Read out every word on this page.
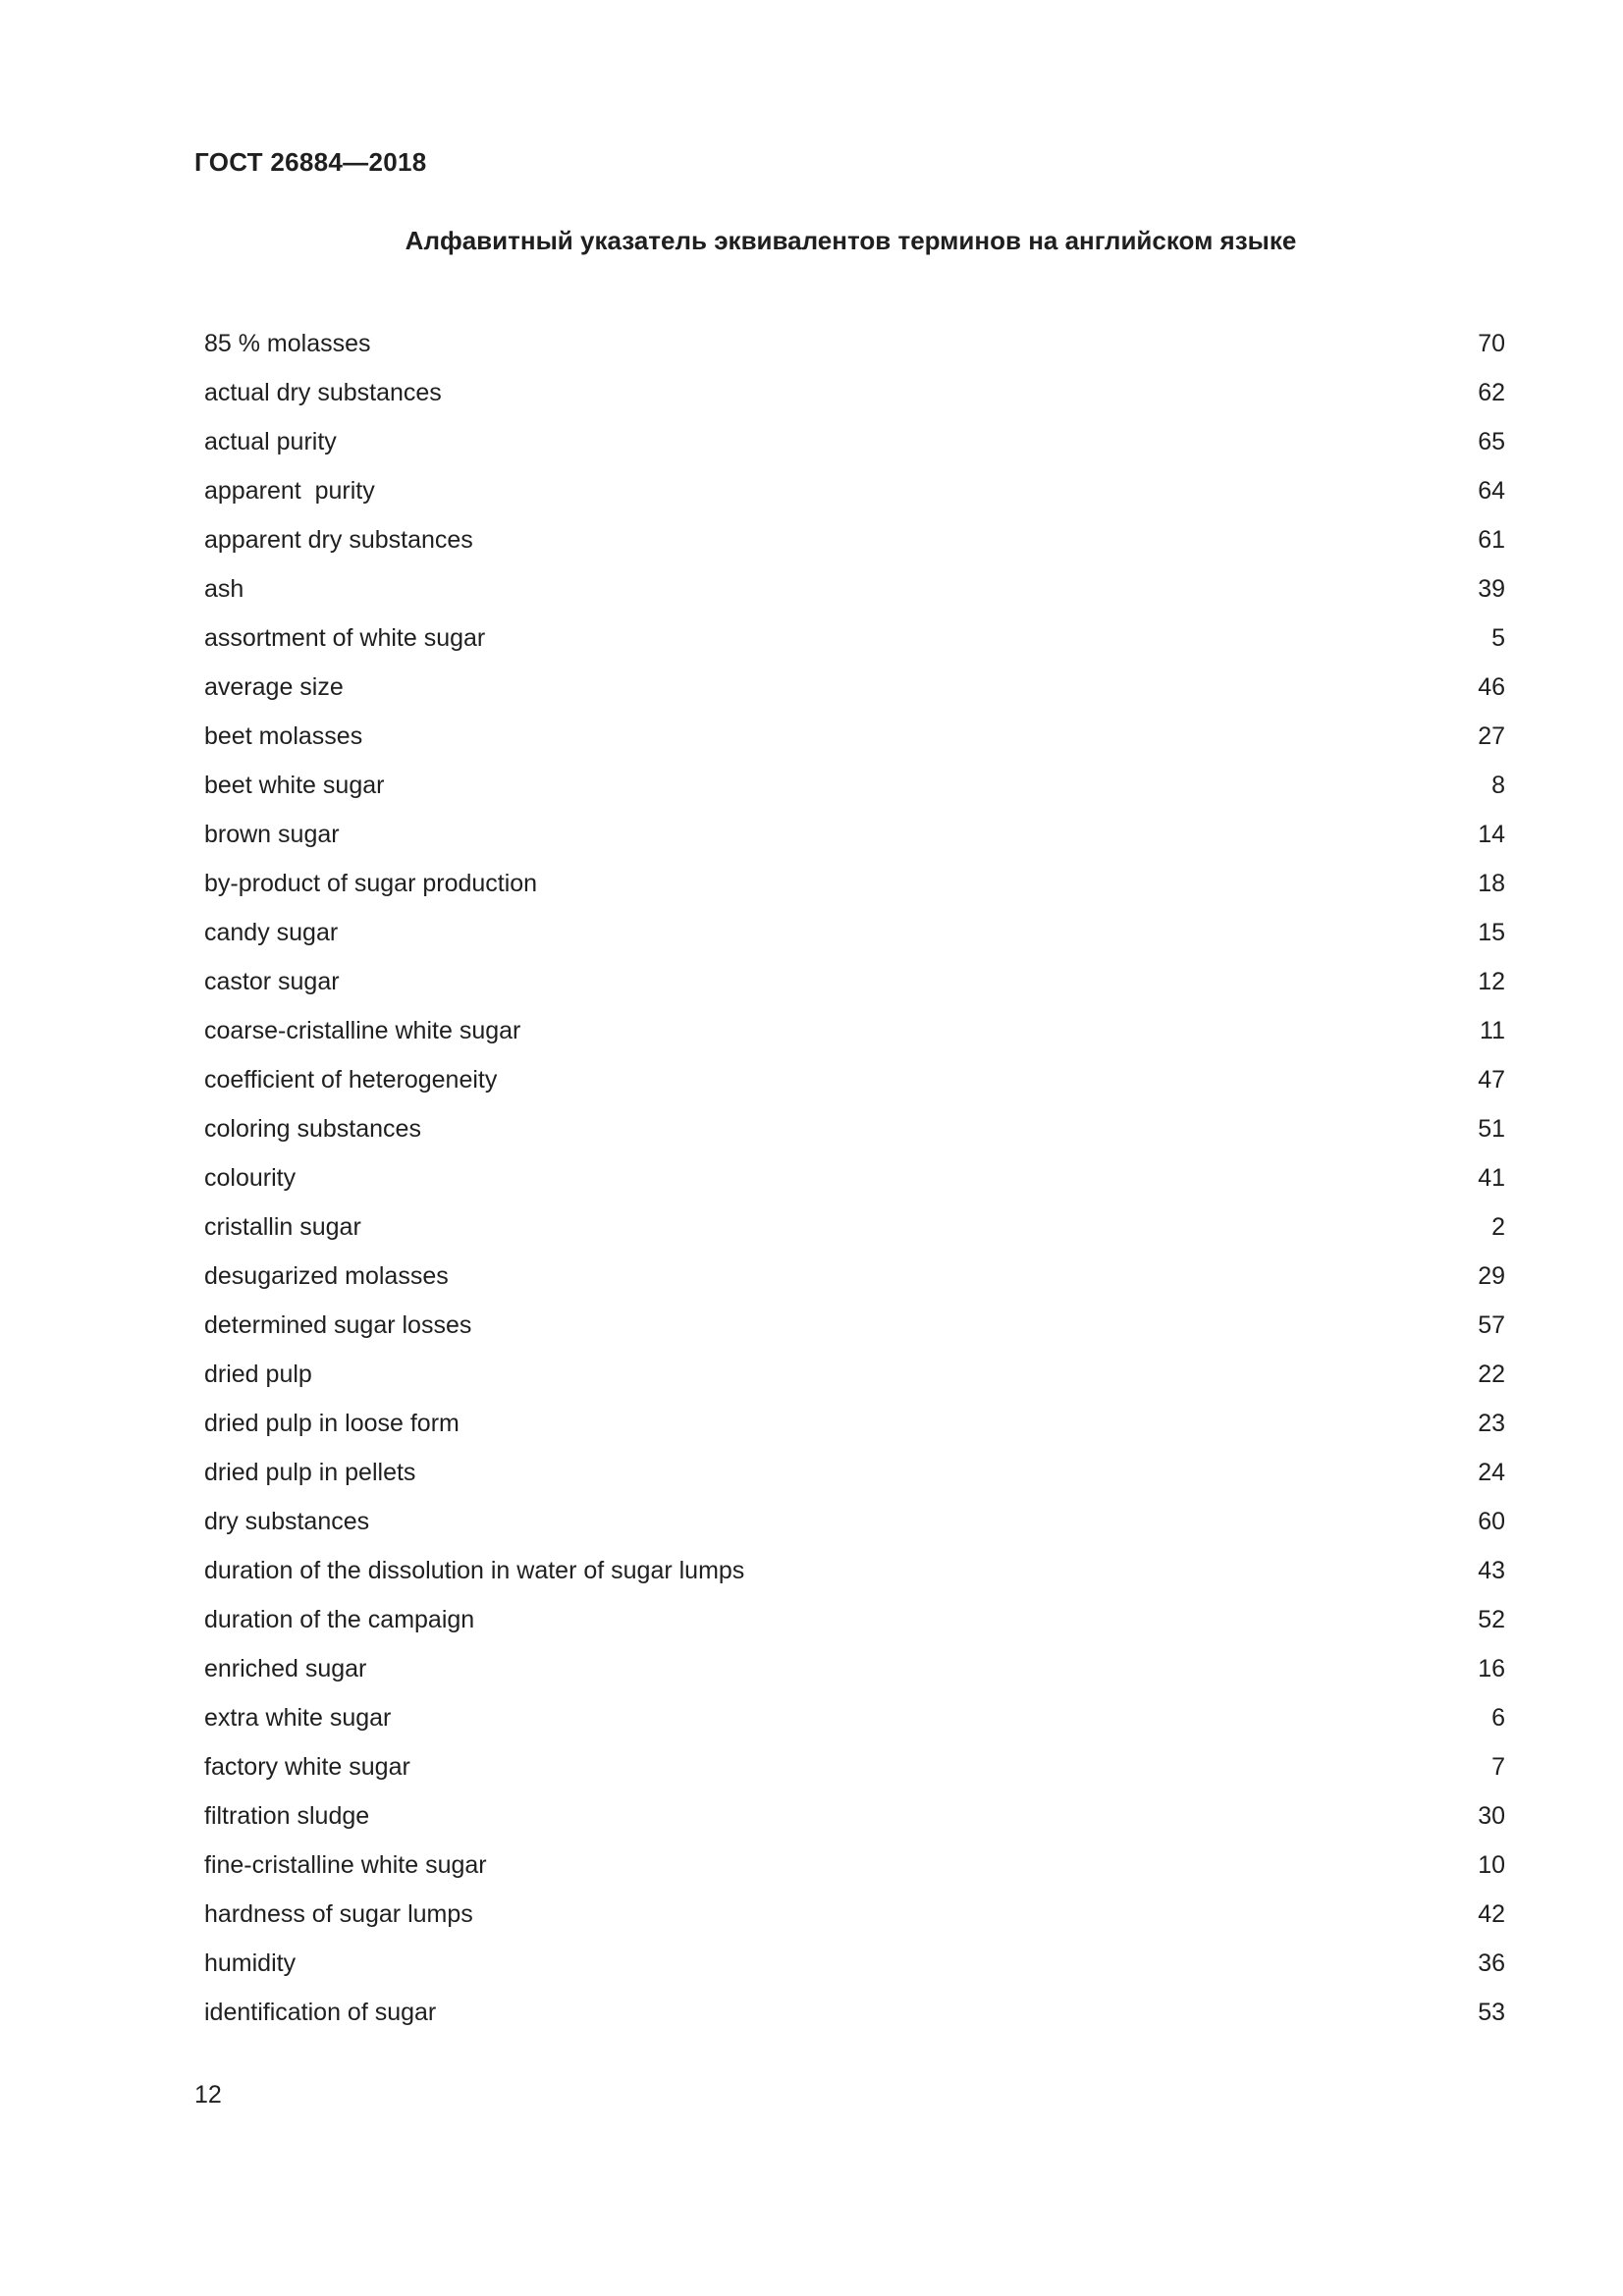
ГОСТ 26884—2018
Алфавитный указатель эквивалентов терминов на английском языке
85 % molasses	70
actual dry substances	62
actual purity	65
apparent  purity	64
apparent dry substances	61
ash	39
assortment of white sugar	5
average size	46
beet molasses	27
beet white sugar	8
brown sugar	14
by-product of sugar production	18
candy sugar	15
castor sugar	12
coarse-cristalline white sugar	11
coefficient of heterogeneity	47
coloring substances	51
colourity	41
cristallin sugar	2
desugarized molasses	29
determined sugar losses	57
dried pulp	22
dried pulp in loose form	23
dried pulp in pellets	24
dry substances	60
duration of the dissolution in water of sugar lumps	43
duration of the campaign	52
enriched sugar	16
extra white sugar	6
factory white sugar	7
filtration sludge	30
fine-cristalline white sugar	10
hardness of sugar lumps	42
humidity	36
identification of sugar	53

12
